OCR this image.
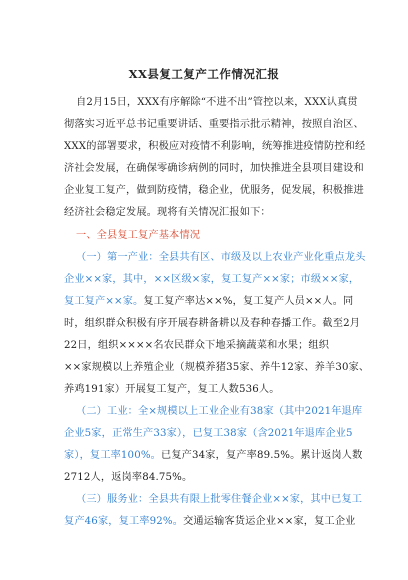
XX县复工复产工作情况汇报
自2月15日，XXX有序解除“不进不出”管控以来，XXX认真贯
彻落实习近平总书记重要讲话、重要指示批示精神，按照自治区、
XXX的部署要求，积极应对疫情不利影响，统筹推进疫情防控和经
济社会发展，在确保零确诊病例的同时，加快推进全县项目建设和
企业复工复产，做到防疫情，稳企业，优服务，促发展，积极推进
经济社会稳定发展。现将有关情况汇报如下：
一、全县复工复产基本情况
（一）第一产业：全县共有区、市级及以上农业产业化重点龙头
企业××家，其中，××区级×家，复工复产××家；市级××家，
复工复产××家。复工复产率达××%，复工复产人员××人。同
时，组织群众积极有序开展春耕备耕以及春种春播工作。截至2月
22日，组织××××名农民群众下地采摘蔬菜和水果；组织
××家规模以上养殖企业（规模养猪35家、养牛12家、养羊30家、
养鸡191家）开展复工复产，复工人数536人。
（二）工业：全×规模以上工业企业有38家（其中2021年退库
企业5家，正常生产33家），已复工38家（含2021年退库企业5
家），复工率100%。已复产34家，复产率89.5%。累计返岗人数
2712人，返岗率84.75%。
（三）服务业：全县共有限上批零住餐企业××家，其中已复工
复产46家，复工率92%。交通运输客货运企业××家，复工企业
